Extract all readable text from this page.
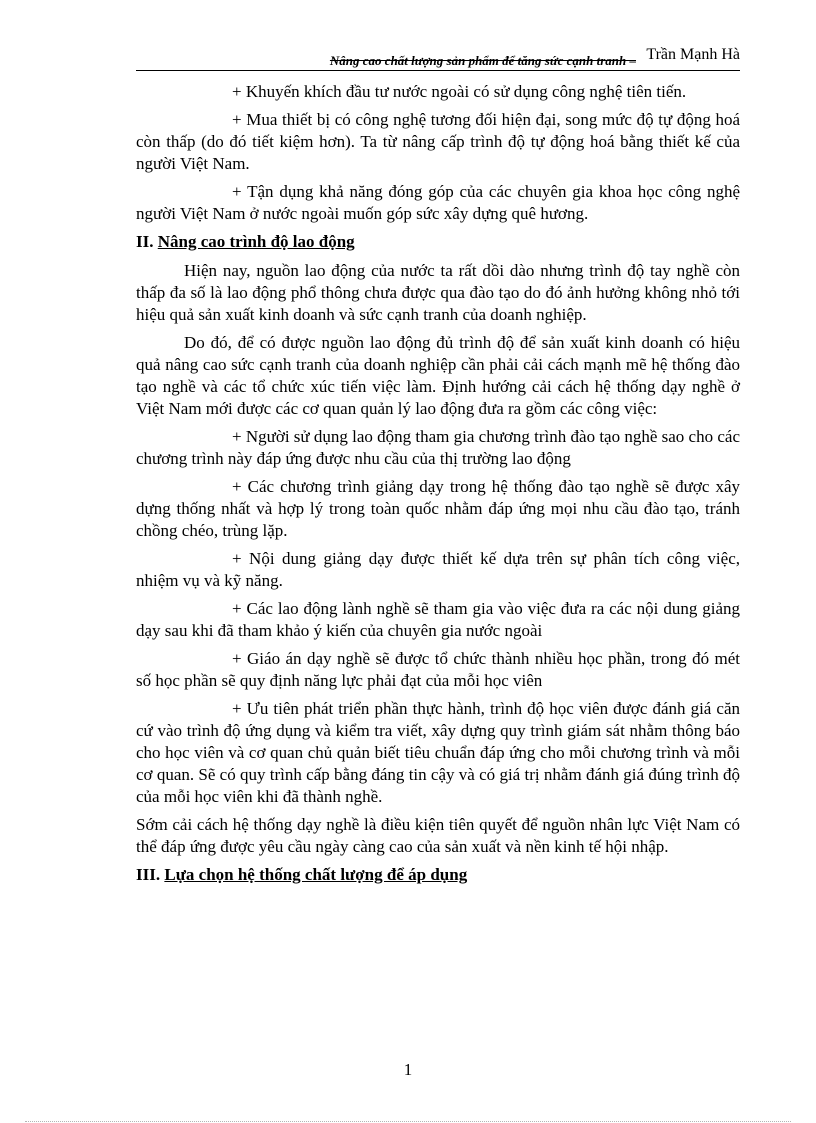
Nâng cao chất lượng sản phẩm để tăng sức cạnh tranh – Trần Mạnh Hà

+ Khuyến khích đầu tư nước ngoài có sử dụng công nghệ tiên tiến.

+ Mua thiết bị có công nghệ tương đối hiện đại, song mức độ tự động hoá còn thấp (do đó tiết kiệm hơn). Ta từ nâng cấp trình độ tự động hoá bằng thiết kế của người Việt Nam.

+ Tận dụng khả năng đóng góp của các chuyên gia khoa học công nghệ người Việt Nam ở nước ngoài muốn góp sức xây dựng quê hương.

II. Nâng cao trình độ lao động

Hiện nay, nguồn lao động của nước ta rất dồi dào nhưng trình độ tay nghề còn thấp đa số là lao động phổ thông chưa được qua đào tạo do đó ảnh hưởng không nhỏ tới hiệu quả sản xuất kinh doanh và sức cạnh tranh của doanh nghiệp.

Do đó, để có được nguồn lao động đủ trình độ để sản xuất kinh doanh có hiệu quả nâng cao sức cạnh tranh của doanh nghiệp cần phải cải cách mạnh mẽ hệ thống đào tạo nghề và các tổ chức xúc tiến việc làm. Định hướng cải cách hệ thống dạy nghề ở Việt Nam mới được các cơ quan quản lý lao động đưa ra gồm các công việc:

+ Người sử dụng lao động tham gia chương trình đào tạo nghề sao cho các chương trình này đáp ứng được nhu cầu của thị trường lao động

+ Các chương trình giảng dạy trong hệ thống đào tạo nghề sẽ được xây dựng thống nhất và hợp lý trong toàn quốc nhằm đáp ứng mọi nhu cầu đào tạo, tránh chồng chéo, trùng lặp.

+ Nội dung giảng dạy được thiết kế dựa trên sự phân tích công việc, nhiệm vụ và kỹ năng.

+ Các lao động lành nghề sẽ tham gia vào việc đưa ra các nội dung giảng dạy sau khi đã tham khảo ý kiến của chuyên gia nước ngoài

+ Giáo án dạy nghề sẽ được tổ chức thành nhiều học phần, trong đó mét số học phần sẽ quy định năng lực phải đạt của mỗi học viên

+ Ưu tiên phát triển phần thực hành, trình độ học viên được đánh giá căn cứ vào trình độ ứng dụng và kiểm tra viết, xây dựng quy trình giám sát nhằm thông báo cho học viên và cơ quan chủ quản biết tiêu chuẩn đáp ứng cho mỗi chương trình và mỗi cơ quan. Sẽ có quy trình cấp bằng đáng tin cậy và có giá trị nhằm đánh giá đúng trình độ của mỗi học viên khi đã thành nghề.

Sớm cải cách hệ thống dạy nghề là điều kiện tiên quyết để nguồn nhân lực Việt Nam có thể đáp ứng được yêu cầu ngày càng cao của sản xuất và nền kinh tế hội nhập.

III. Lựa chọn hệ thống chất lượng để áp dụng

1
